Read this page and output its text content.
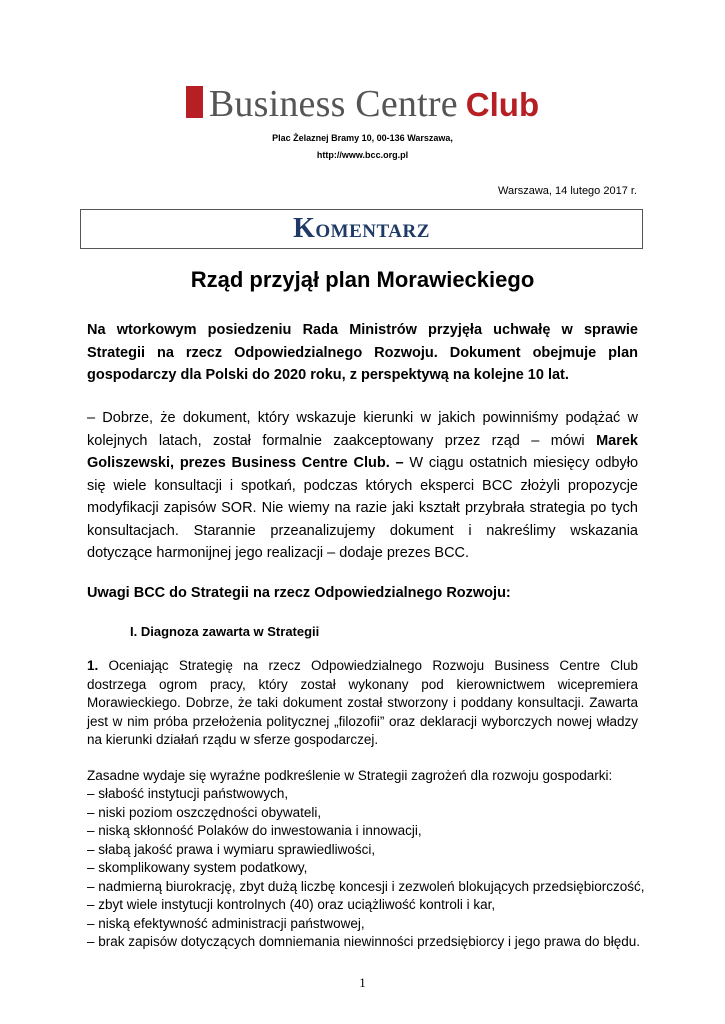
Business Centre Club
Plac Żelaznej Bramy 10, 00-136 Warszawa,
http://www.bcc.org.pl
Warszawa, 14 lutego 2017 r.
KOMENTARZ
Rząd przyjął plan Morawieckiego
Na wtorkowym posiedzeniu Rada Ministrów przyjęła uchwałę w sprawie Strategii na rzecz Odpowiedzialnego Rozwoju. Dokument obejmuje plan gospodarczy dla Polski do 2020 roku, z perspektywą na kolejne 10 lat.
– Dobrze, że dokument, który wskazuje kierunki w jakich powinniśmy podążać w kolejnych latach, został formalnie zaakceptowany przez rząd – mówi Marek Goliszewski, prezes Business Centre Club. – W ciągu ostatnich miesięcy odbyło się wiele konsultacji i spotkań, podczas których eksperci BCC złożyli propozycje modyfikacji zapisów SOR. Nie wiemy na razie jaki kształt przybrała strategia po tych konsultacjach. Starannie przeanalizujemy dokument i nakreślimy wskazania dotyczące harmonijnej jego realizacji – dodaje prezes BCC.
Uwagi BCC do Strategii na rzecz Odpowiedzialnego Rozwoju:
I. Diagnoza zawarta w Strategii
1. Oceniając Strategię na rzecz Odpowiedzialnego Rozwoju Business Centre Club dostrzega ogrom pracy, który został wykonany pod kierownictwem wicepremiera Morawieckiego. Dobrze, że taki dokument został stworzony i poddany konsultacji. Zawarta jest w nim próba przełożenia politycznej „filozofii” oraz deklaracji wyborczych nowej władzy na kierunki działań rządu w sferze gospodarczej.
Zasadne wydaje się wyraźne podkreślenie w Strategii zagrożeń dla rozwoju gospodarki:
– słabość instytucji państwowych,
– niski poziom oszczędności obywateli,
– niską skłonność Polaków do inwestowania i innowacji,
– słabą jakość prawa i wymiaru sprawiedliwości,
– skomplikowany system podatkowy,
– nadmierną biurokrację, zbyt dużą liczbę koncesji i zezwoleń blokujących przedsiębiorczość,
– zbyt wiele instytucji kontrolnych (40) oraz uciążliwość kontroli i kar,
– niską efektywność administracji państwowej,
– brak zapisów dotyczących domniemania niewinności przedsiębiorcy i jego prawa do błędu.
1
